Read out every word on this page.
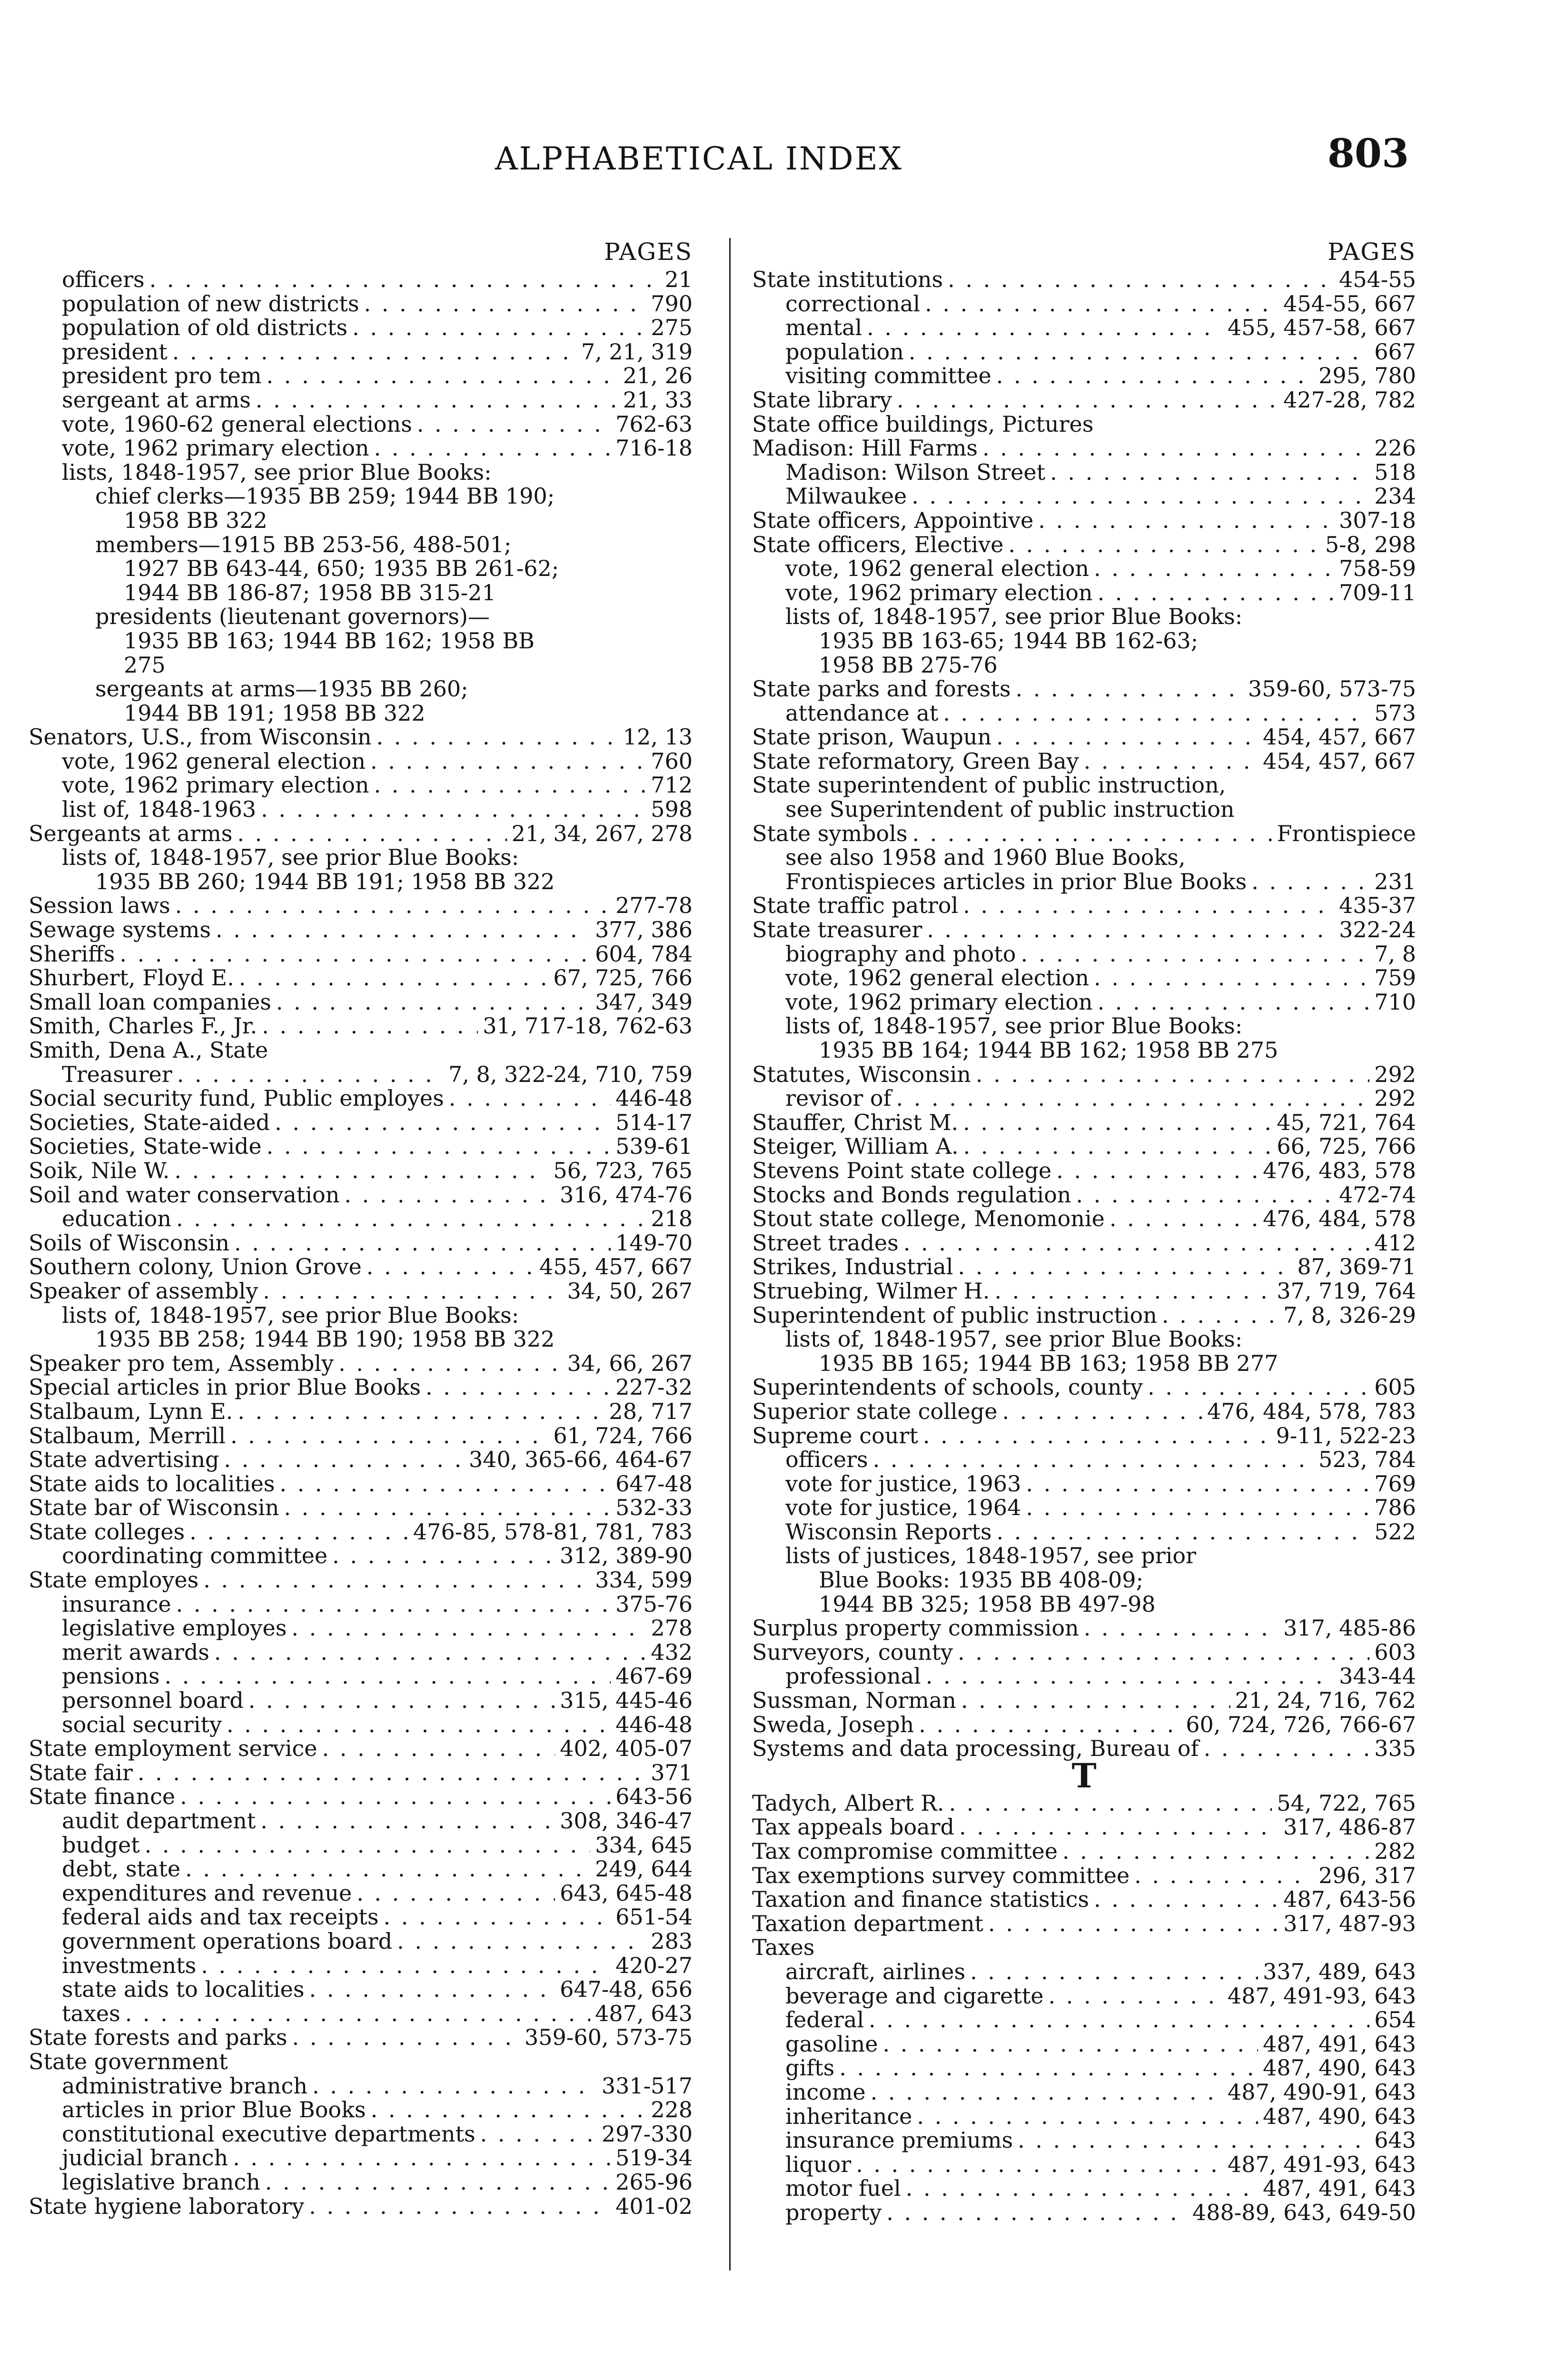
ALPHABETICAL INDEX	803
PAGES
officers . . .	21
population of new districts . . .	790
population of old districts . . .	275
president . . .	7, 21, 319
president pro tem . . .	21, 26
sergeant at arms . . .	21, 33
vote, 1960-62 general elections . . .	762-63
vote, 1962 primary election . . .	716-18
lists, 1848-1957, see prior Blue Books:
chief clerks—1935 BB 259; 1944 BB 190;
1958 BB 322
members—1915 BB 253-56, 488-501;
1927 BB 643-44, 650; 1935 BB 261-62;
1944 BB 186-87; 1958 BB 315-21
presidents (lieutenant governors)—
1935 BB 163; 1944 BB 162; 1958 BB
275
sergeants at arms—1935 BB 260;
1944 BB 191; 1958 BB 322
Senators, U.S., from Wisconsin . . .	12, 13
vote, 1962 general election . . .	760
vote, 1962 primary election . . .	712
list of, 1848-1963 . . .	598
Sergeants at arms . . .	21, 34, 267, 278
lists of, 1848-1957, see prior Blue Books:
1935 BB 260; 1944 BB 191; 1958 BB 322
Session laws . . .	277-78
Sewage systems . . .	377, 386
Sheriffs . . .	604, 784
Shurbert, Floyd E. . . .	67, 725, 766
Small loan companies . . .	347, 349
Smith, Charles F., Jr. . . .	31, 717-18, 762-63
Smith, Dena A., State
Treasurer . . .	7, 8, 322-24, 710, 759
Social security fund, Public employes . . .	446-48
Societies, State-aided . . .	514-17
Societies, State-wide . . .	539-61
Soik, Nile W. . . .	56, 723, 765
Soil and water conservation . . .	316, 474-76
education . . .	218
Soils of Wisconsin . . .	149-70
Southern colony, Union Grove . . .	455, 457, 667
Speaker of assembly . . .	34, 50, 267
lists of, 1848-1957, see prior Blue Books:
1935 BB 258; 1944 BB 190; 1958 BB 322
Speaker pro tem, Assembly . . .	34, 66, 267
Special articles in prior Blue Books . . .	227-32
Stalbaum, Lynn E. . . .	28, 717
Stalbaum, Merrill . . .	61, 724, 766
State advertising . . .	340, 365-66, 464-67
State aids to localities . . .	647-48
State bar of Wisconsin . . .	532-33
State colleges . . .	476-85, 578-81, 781, 783
coordinating committee . . .	312, 389-90
State employes . . .	334, 599
insurance . . .	375-76
legislative employes . . .	278
merit awards . . .	432
pensions . . .	467-69
personnel board . . .	315, 445-46
social security . . .	446-48
State employment service . . .	402, 405-07
State fair . . .	371
State finance . . .	643-56
audit department . . .	308, 346-47
budget . . .	334, 645
debt, state . . .	249, 644
expenditures and revenue . . .	643, 645-48
federal aids and tax receipts . . .	651-54
government operations board . . .	283
investments . . .	420-27
state aids to localities . . .	647-48, 656
taxes . . .	487, 643
State forests and parks . . .	359-60, 573-75
State government
administrative branch . . .	331-517
articles in prior Blue Books . . .	228
constitutional executive departments . . .	297-330
judicial branch . . .	519-34
legislative branch . . .	265-96
State hygiene laboratory . . .	401-02
PAGES
State institutions . . .	454-55
correctional . . .	454-55, 667
mental . . .	455, 457-58, 667
population . . .	667
visiting committee . . .	295, 780
State library . . .	427-28, 782
State office buildings, Pictures
Madison: Hill Farms . . .	226
Madison: Wilson Street . . .	518
Milwaukee . . .	234
State officers, Appointive . . .	307-18
State officers, Elective . . .	5-8, 298
vote, 1962 general election . . .	758-59
vote, 1962 primary election . . .	709-11
lists of, 1848-1957, see prior Blue Books:
1935 BB 163-65; 1944 BB 162-63;
1958 BB 275-76
State parks and forests . . .	359-60, 573-75
attendance at . . .	573
State prison, Waupun . . .	454, 457, 667
State reformatory, Green Bay . . .	454, 457, 667
State superintendent of public instruction,
see Superintendent of public instruction
State symbols . . .	Frontispiece
see also 1958 and 1960 Blue Books,
Frontispieces articles in prior Blue Books . . .	231
State traffic patrol . . .	435-37
State treasurer . . .	322-24
biography and photo . . .	7, 8
vote, 1962 general election . . .	759
vote, 1962 primary election . . .	710
lists of, 1848-1957, see prior Blue Books:
1935 BB 164; 1944 BB 162; 1958 BB 275
Statutes, Wisconsin . . .	292
revisor of . . .	292
Stauffer, Christ M. . . .	45, 721, 764
Steiger, William A. . . .	66, 725, 766
Stevens Point state college . . .	476, 483, 578
Stocks and Bonds regulation . . .	472-74
Stout state college, Menomonie . . .	476, 484, 578
Street trades . . .	412
Strikes, Industrial . . .	87, 369-71
Struebing, Wilmer H. . . .	37, 719, 764
Superintendent of public instruction . . .	7, 8, 326-29
lists of, 1848-1957, see prior Blue Books:
1935 BB 165; 1944 BB 163; 1958 BB 277
Superintendents of schools, county . . .	605
Superior state college . . .	476, 484, 578, 783
Supreme court . . .	9-11, 522-23
officers . . .	523, 784
vote for justice, 1963 . . .	769
vote for justice, 1964 . . .	786
Wisconsin Reports . . .	522
lists of justices, 1848-1957, see prior
Blue Books: 1935 BB 408-09;
1944 BB 325; 1958 BB 497-98
Surplus property commission . . .	317, 485-86
Surveyors, county . . .	603
professional . . .	343-44
Sussman, Norman . . .	21, 24, 716, 762
Sweda, Joseph . . .	60, 724, 726, 766-67
Systems and data processing, Bureau of . . .	335
T
Tadych, Albert R. . . .	54, 722, 765
Tax appeals board . . .	317, 486-87
Tax compromise committee . . .	282
Tax exemptions survey committee . . .	296, 317
Taxation and finance statistics . . .	487, 643-56
Taxation department . . .	317, 487-93
Taxes
aircraft, airlines . . .	337, 489, 643
beverage and cigarette . . .	487, 491-93, 643
federal . . .	654
gasoline . . .	487, 491, 643
gifts . . .	487, 490, 643
income . . .	487, 490-91, 643
inheritance . . .	487, 490, 643
insurance premiums . . .	643
liquor . . .	487, 491-93, 643
motor fuel . . .	487, 491, 643
property . . .	488-89, 643, 649-50
